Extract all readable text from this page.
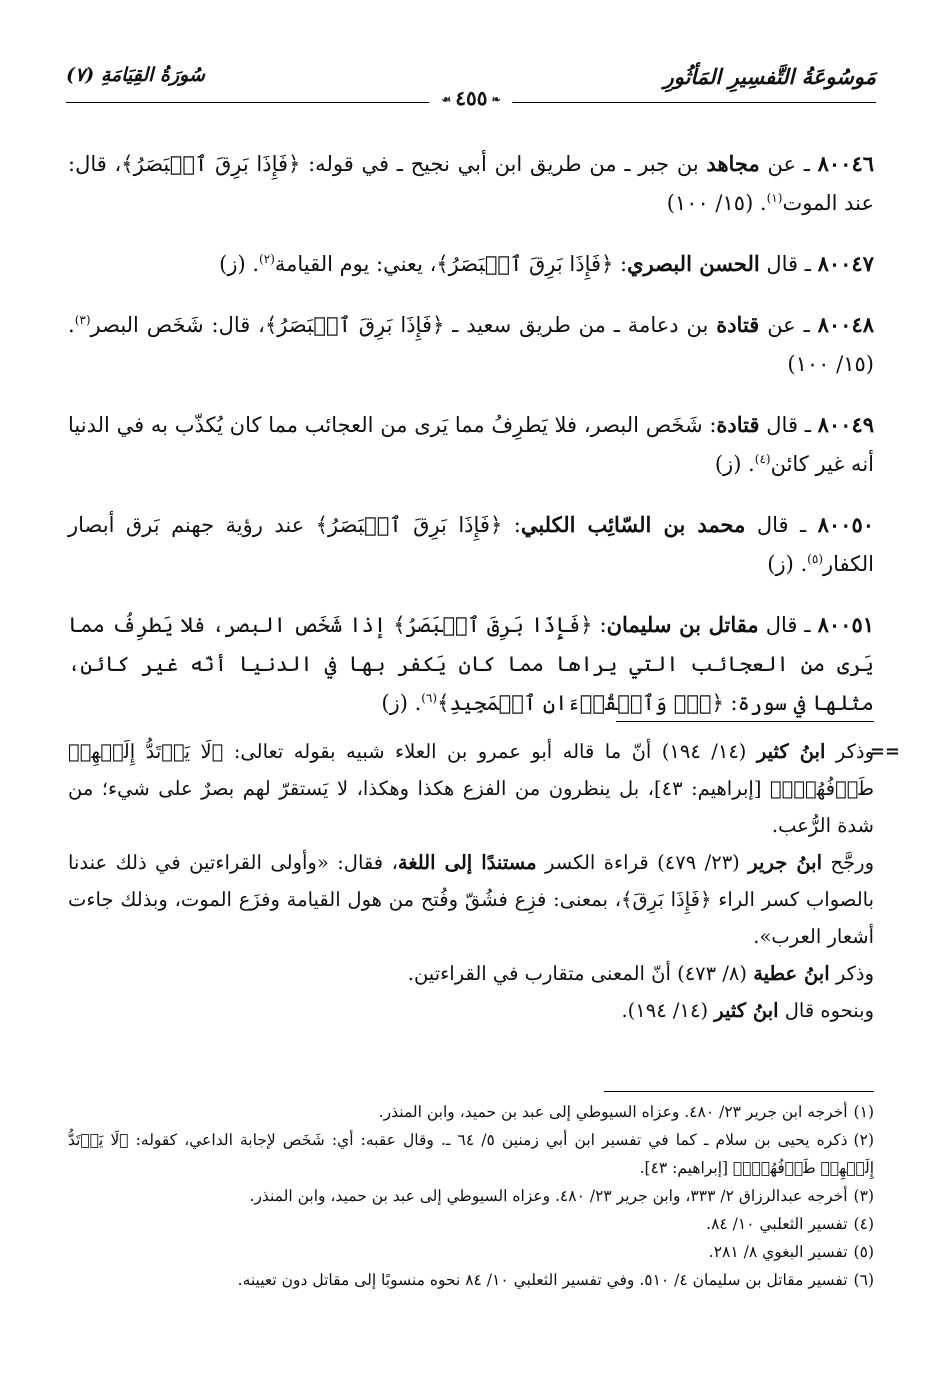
مَوسُوعَةُ التَّفسِيرِ المَأثُورِ
سُورَةُ القِيَامَةِ (٧)
❧٤٥٥☙

٨٠٠٤٦ ـ عن مجاهد بن جبر ـ من طريق ابن أبي نجيح ـ في قوله: ﴿فَإِذَا بَرِقَ ٱلۡبَصَرُ﴾، قال: عند الموت$^{(١)}$. (١٥/ ١٠٠)

٨٠٠٤٧ ـ قال الحسن البصري: ﴿فَإِذَا بَرِقَ ٱلۡبَصَرُ﴾، يعني: يوم القيامة$^{(٢)}$. (ز)

٨٠٠٤٨ ـ عن قتادة بن دعامة ـ من طريق سعيد ـ ﴿فَإِذَا بَرِقَ ٱلۡبَصَرُ﴾، قال: شَخَص البصر$^{(٣)}$. (١٥/ ١٠٠)

٨٠٠٤٩ ـ قال قتادة: شَخَص البصر، فلا يَطرِفُ مما يَرى من العجائب مما كان يُكذّب به في الدنيا أنه غير كائن$^{(٤)}$. (ز)

٨٠٠٥٠ ـ قال محمد بن السّائِب الكلبي: ﴿فَإِذَا بَرِقَ ٱلۡبَصَرُ﴾ عند رؤية جهنم بَرق أبصار الكفار$^{(٥)}$. (ز)

٨٠٠٥١ ـ قال مقاتل بن سليمان: ﴿فَإِذَا بَرِقَ ٱلۡبَصَرُ﴾ إذا شَخَص البصر، فلا يَطرِفُ مما يَرى من العجائب التي يراها مما كان يَكفر بها في الدنيا أنّه غير كائن، مثلها في سورة: ﴿قٓۚ وَٱلۡقُرۡءَانِ ٱلۡمَجِيدِ﴾$^{(٦)}$. (ز)

==
وذكر ابنُ كثير (١٤/ ١٩٤) أنّ ما قاله أبو عمرو بن العلاء شبيه بقوله تعالى: ﴿لَا يَرۡتَدُّ إِلَيۡهِمۡ طَرۡفُهُمۡۖ﴾ [إبراهيم: ٤٣]، بل ينظرون من الفزع هكذا وهكذا، لا يَستقرّ لهم بصرٌ على شيء؛ من شدة الرُّعب.
ورجَّح ابنُ جرير (٢٣/ ٤٧٩) قراءة الكسر مستندًا إلى اللغة، فقال: «وأولى القراءتين في ذلك عندنا بالصواب كسر الراء ﴿فَإِذَا بَرِقَ﴾، بمعنى: فزِع فشُقّ وفُتح من هول القيامة وفزَع الموت، وبذلك جاءت أشعار العرب».
وذكر ابنُ عطية (٨/ ٤٧٣) أنّ المعنى متقارب في القراءتين.
وبنحوه قال ابنُ كثير (١٤/ ١٩٤).
(١)أخرجه ابن جرير ٢٣/ ٤٨٠. وعزاه السيوطي إلى عبد بن حميد، وابن المنذر.
(٢)ذكره يحيى بن سلام ـ كما في تفسير ابن أبي زمنين ٥/ ٦٤ ـ. وقال عقبه: أي: شَخَص لإجابة الداعي، كقوله: ﴿لَا يَرۡتَدُّ إِلَيۡهِمۡ طَرۡفُهُمۡۖ﴾ [إبراهيم: ٤٣].
(٣)أخرجه عبدالرزاق ٢/ ٣٣٣، وابن جرير ٢٣/ ٤٨٠. وعزاه السيوطي إلى عبد بن حميد، وابن المنذر.
(٤)تفسير الثعلبي ١٠/ ٨٤.
(٥)تفسير البغوي ٨/ ٢٨١.
(٦)تفسير مقاتل بن سليمان ٤/ ٥١٠. وفي تفسير الثعلبي ١٠/ ٨٤ نحوه منسوبًا إلى مقاتل دون تعيينه.
